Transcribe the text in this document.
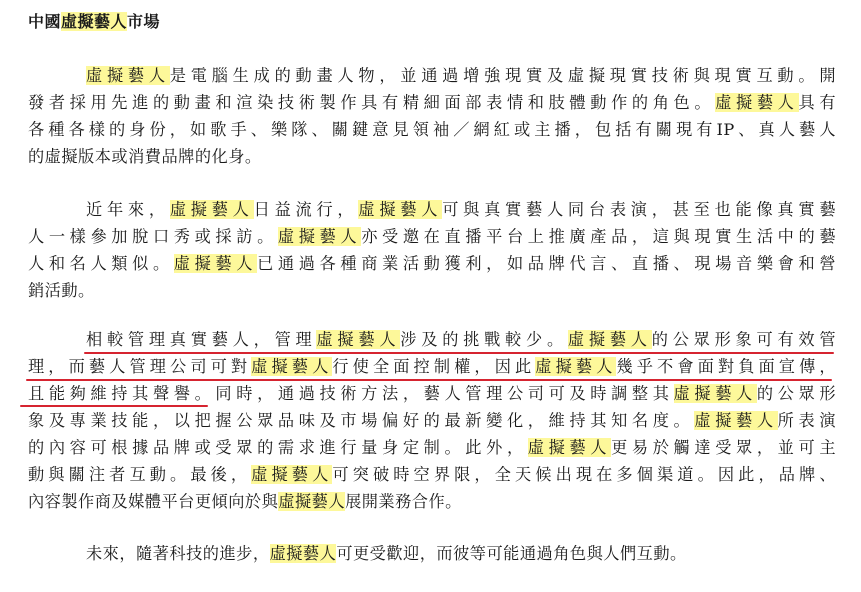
中國虛擬藝人市場
虛擬藝人是電腦生成的動畫人物，並通過增強現實及虛擬現實技術與現實互動。開
發者採用先進的動畫和渲染技術製作具有精細面部表情和肢體動作的角色。虛擬藝人具有
各種各樣的身份，如歌手、樂隊、關鍵意見領袖／網紅或主播，包括有關現有IP、真人藝人
的虛擬版本或消費品牌的化身。
近年來，虛擬藝人日益流行，虛擬藝人可與真實藝人同台表演，甚至也能像真實藝
人一樣參加脫口秀或採訪。虛擬藝人亦受邀在直播平台上推廣產品，這與現實生活中的藝
人和名人類似。虛擬藝人已通過各種商業活動獲利，如品牌代言、直播、現場音樂會和營
銷活動。
相較管理真實藝人，管理虛擬藝人涉及的挑戰較少。虛擬藝人的公眾形象可有效管
理，而藝人管理公司可對虛擬藝人行使全面控制權，因此虛擬藝人幾乎不會面對負面宣傳，
且能夠維持其聲譽。同時，通過技術方法，藝人管理公司可及時調整其虛擬藝人的公眾形
象及專業技能，以把握公眾品味及市場偏好的最新變化，維持其知名度。虛擬藝人所表演
的內容可根據品牌或受眾的需求進行量身定制。此外，虛擬藝人更易於觸達受眾，並可主
動與關注者互動。最後，虛擬藝人可突破時空界限，全天候出現在多個渠道。因此，品牌、
內容製作商及媒體平台更傾向於與虛擬藝人展開業務合作。
未來，隨著科技的進步，虛擬藝人可更受歡迎，而彼等可能通過角色與人們互動。
